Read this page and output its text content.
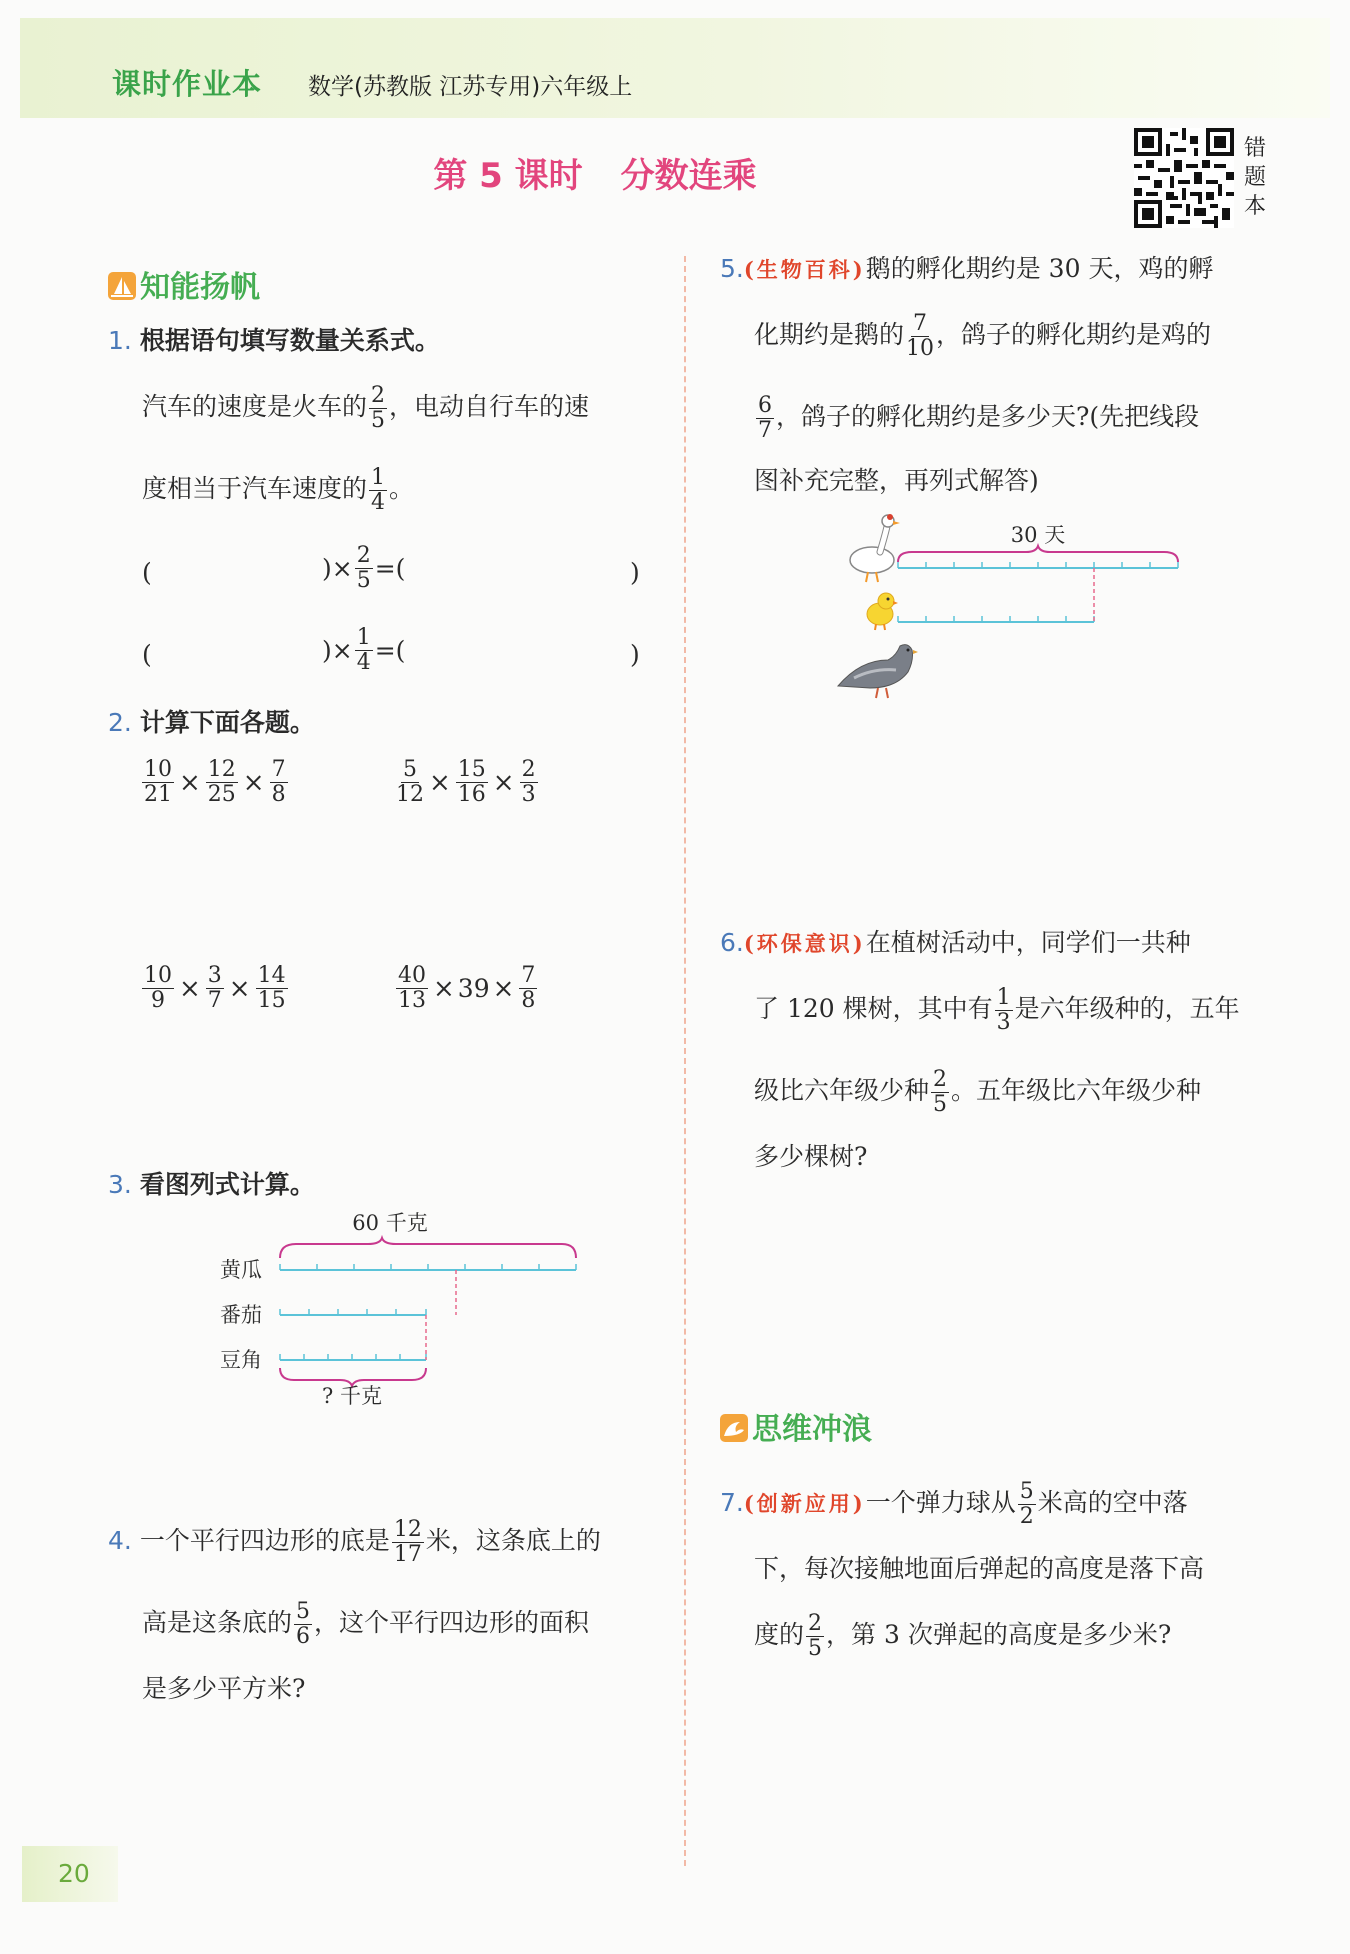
课时作业本 数学(苏教版 江苏专用)六年级上
第 5 课时 分数连乘
错题本
知能扬帆
1. 根据语句填写数量关系式。
汽车的速度是火车的 $\frac{2}{5}$ ，电动自行车的速
度相当于汽车速度的 $\frac{1}{4}$ 。
(	)× $\frac{2}{5}$ =(	)
(	)× $\frac{1}{4}$ =(	)
2. 计算下面各题。
$\frac{10}{21} \times \frac{12}{25} \times \frac{7}{8}$	$\frac{5}{12} \times \frac{15}{16} \times \frac{2}{3}$
$\frac{10}{9} \times \frac{3}{7} \times \frac{14}{15}$	$\frac{40}{13} \times 39 \times \frac{7}{8}$
3. 看图列式计算。
60 千克
黄瓜
番茄
豆角
? 千克
4. 一个平行四边形的底是 $\frac{12}{17}$ 米，这条底上的
高是这条底的 $\frac{5}{6}$ ，这个平行四边形的面积
是多少平方米?
5.(生物百科)鹅的孵化期约是 30 天，鸡的孵
化期约是鹅的 $\frac{7}{10}$ ，鸽子的孵化期约是鸡的
$\frac{6}{7}$ ，鸽子的孵化期约是多少天?(先把线段
图补充完整，再列式解答)
30 天
6.(环保意识)在植树活动中，同学们一共种
了 120 棵树，其中有 $\frac{1}{3}$ 是六年级种的，五年
级比六年级少种 $\frac{2}{5}$ 。五年级比六年级少种
多少棵树?
思维冲浪
7.(创新应用)一个弹力球从 $\frac{5}{2}$ 米高的空中落
下，每次接触地面后弹起的高度是落下高
度的 $\frac{2}{5}$ ，第 3 次弹起的高度是多少米?
20
